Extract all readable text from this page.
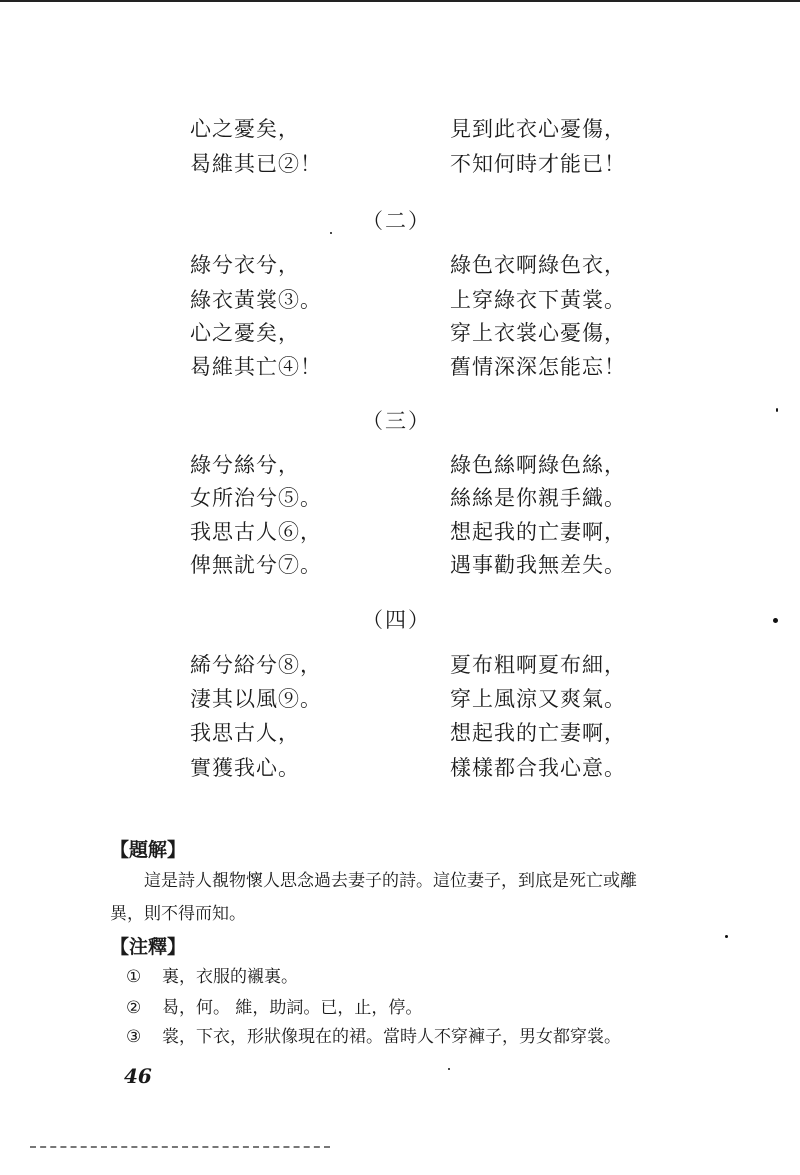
心之憂矣，	見到此衣心憂傷，
曷維其已②！	不知何時才能已！
（二）
綠兮衣兮，	綠色衣啊綠色衣，
綠衣黃裳③。	上穿綠衣下黃裳。
心之憂矣，	穿上衣裳心憂傷，
曷維其亡④！	舊情深深怎能忘！
（三）
綠兮絲兮，	綠色絲啊綠色絲，
女所治兮⑤。	絲絲是你親手織。
我思古人⑥，	想起我的亡妻啊，
俾無訧兮⑦。	遇事勸我無差失。
（四）
絺兮綌兮⑧，	夏布粗啊夏布細，
淒其以風⑨。	穿上風涼又爽氣。
我思古人，	想起我的亡妻啊，
實獲我心。	樣樣都合我心意。
【題解】
這是詩人覩物懷人思念過去妻子的詩。這位妻子，到底是死亡或離異，則不得而知。
【注釋】
① 裏，衣服的襯裏。
② 曷，何。 維，助詞。已，止，停。
③ 裳，下衣，形狀像現在的裙。當時人不穿褲子，男女都穿裳。
46
